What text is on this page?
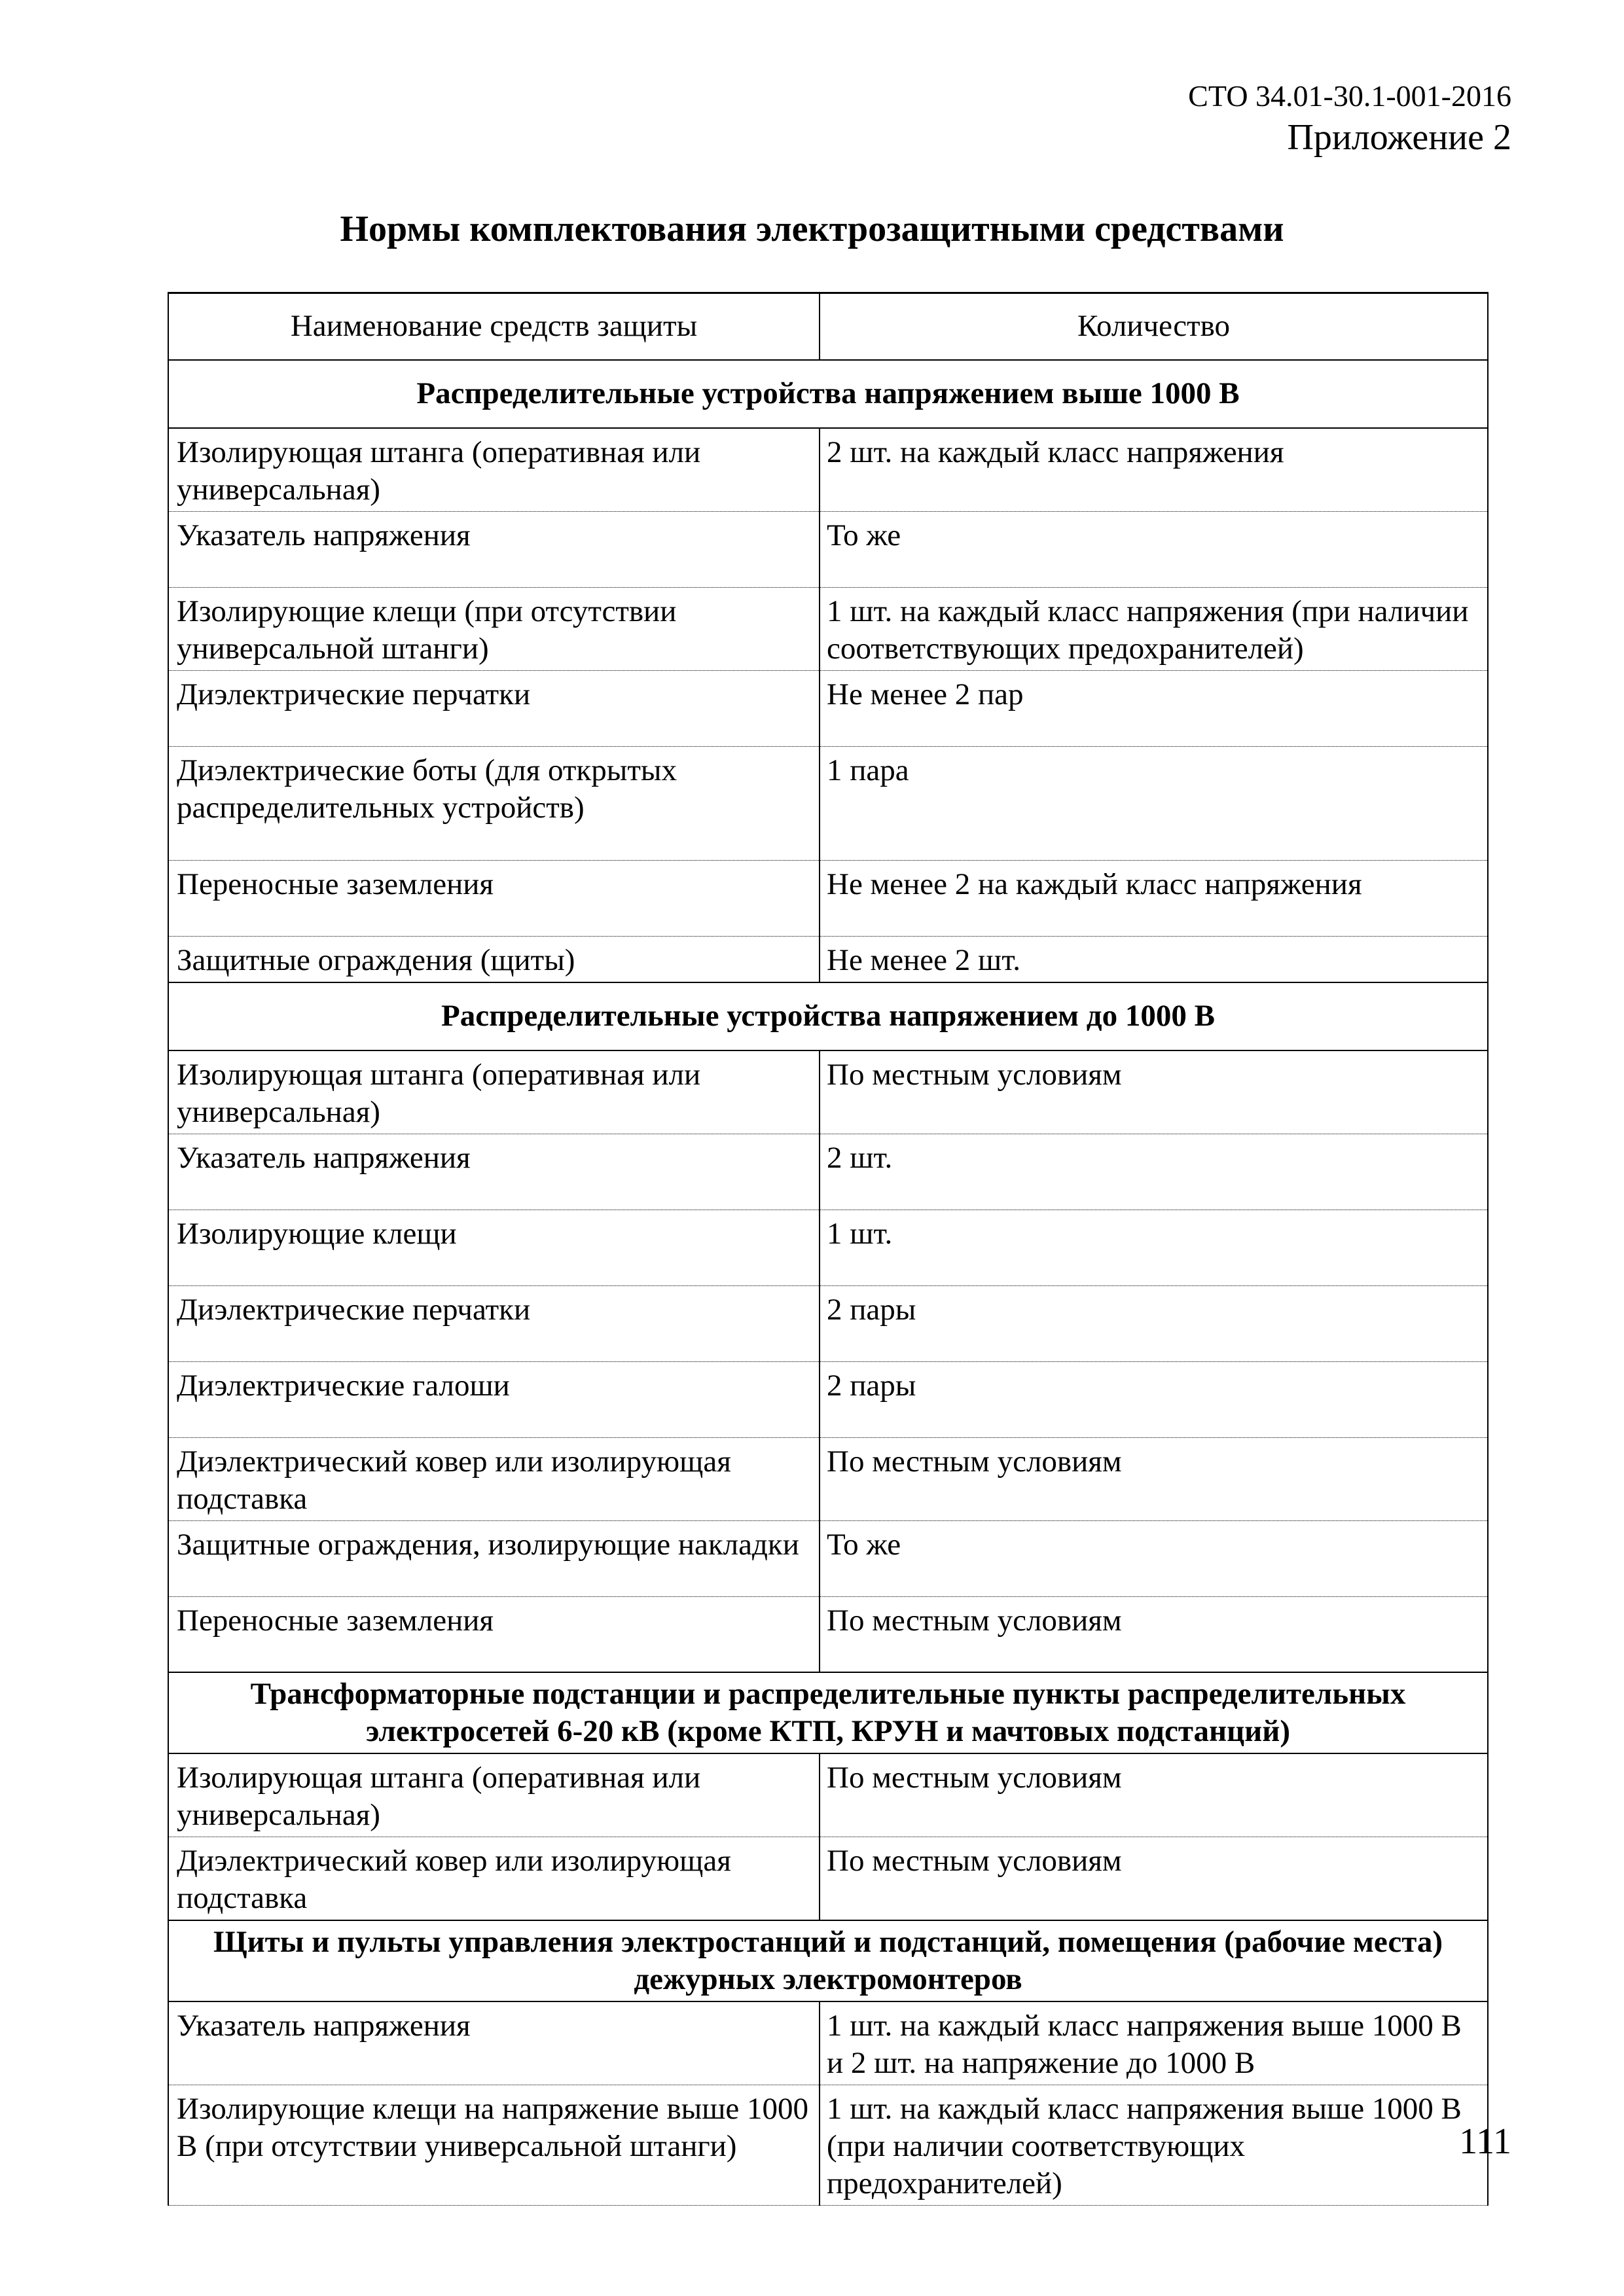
СТО 34.01-30.1-001-2016
Приложение 2
Нормы комплектования электрозащитными средствами
Наименование средств защиты	Количество
Распределительные устройства напряжением выше 1000 В	
Изолирующая штанга (оперативная или универсальная)	2 шт. на каждый класс напряжения
Указатель напряжения	То же
Изолирующие клещи (при отсутствии универсальной штанги)	1 шт. на каждый класс напряжения (при наличии соответствующих предохранителей)
Диэлектрические перчатки	Не менее 2 пар
Диэлектрические боты (для открытых распределительных устройств)	1 пара
Переносные заземления	Не менее 2 на каждый класс напряжения
Защитные ограждения (щиты)	Не менее 2 шт.
Распределительные устройства напряжением до 1000 В	
Изолирующая штанга (оперативная или универсальная)	По местным условиям
Указатель напряжения	2 шт.
Изолирующие клещи	1 шт.
Диэлектрические перчатки	2 пары
Диэлектрические галоши	2 пары
Диэлектрический ковер или изолирующая подставка	По местным условиям
Защитные ограждения, изолирующие накладки	То же
Переносные заземления	По местным условиям
Трансформаторные подстанции и распределительные пункты распределительных электросетей 6-20 кВ (кроме КТП, КРУН и мачтовых подстанций)	
Изолирующая штанга (оперативная или универсальная)	По местным условиям
Диэлектрический ковер или изолирующая подставка	По местным условиям
Щиты и пульты управления электростанций и подстанций, помещения (рабочие места) дежурных электромонтеров	
Указатель напряжения	1 шт. на каждый класс напряжения выше 1000 В и 2 шт. на напряжение до 1000 В
Изолирующие клещи на напряжение выше 1000 В (при отсутствии универсальной штанги)	1 шт. на каждый класс напряжения выше 1000 В (при наличии соответствующих предохранителей)
111
